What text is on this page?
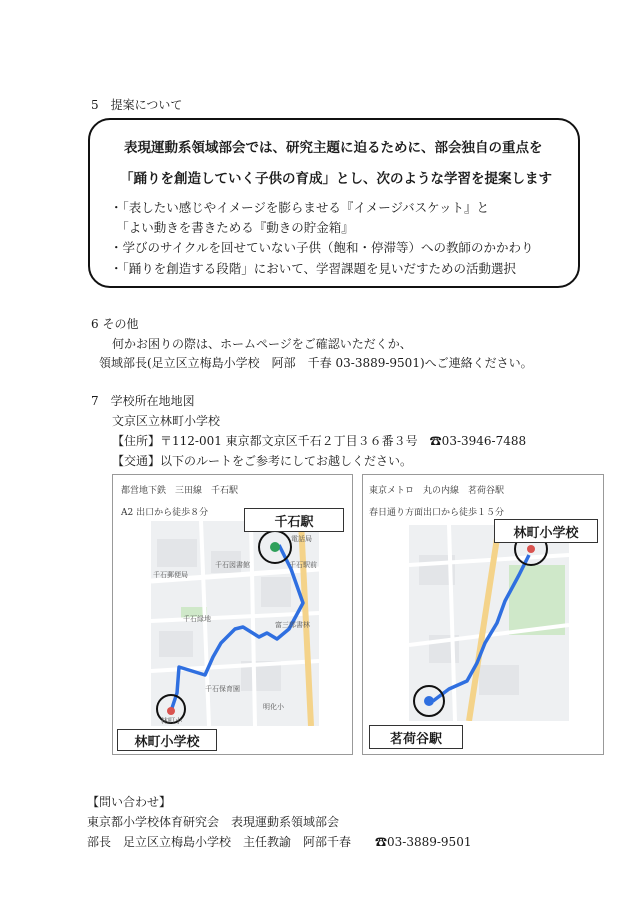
5　提案について
表現運動系領域部会では、研究主題に迫るために、部会独自の重点を
「踊りを創造していく子供の育成」とし、次のような学習を提案します
・「表したい感じやイメージを膨らませる『イメージバスケット』と
　「よい動きを書きためる『動きの貯金箱』
・学びのサイクルを回せていない子供（飽和・停滞等）への教師のかかわり
・「踊りを創造する段階」において、学習課題を見いだすための活動選択
6 その他
何かお困りの際は、ホームページをご確認いただくか、
領域部長(足立区立梅島小学校　阿部　千春 03-3889-9501)へご連絡ください。
7　学校所在地地図
文京区立林町小学校
【住所】〒112-001 東京都文京区千石２丁目３６番３号　☎03-3946-7488
【交通】以下のルートをご参考にしてお越しください。
都営地下鉄　三田線　千石駅
A2 出口から徒歩８分
千石図書館
千石郵便局
千石緑地
千石保育園
明化小
富三郎書林
千石駅前
林町小
電話局
千石駅
林町小学校
東京メトロ　丸の内線　茗荷谷駅
春日通り方面出口から徒歩１５分
林町小学校
茗荷谷駅
【問い合わせ】
東京都小学校体育研究会　表現運動系領域部会
部長　足立区立梅島小学校　主任教諭　阿部千春　　☎03-3889-9501
